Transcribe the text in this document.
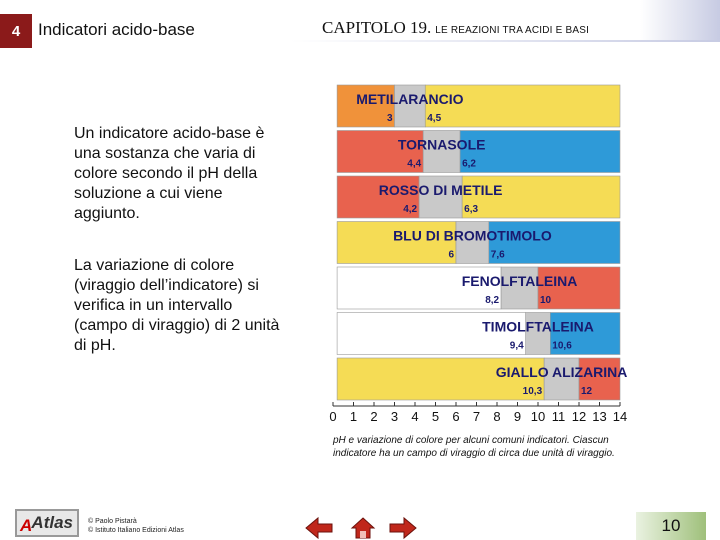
4	Indicatori acido-base	CAPITOLO 19. LE REAZIONI TRA ACIDI E BASI
Un indicatore acido-base è una sostanza che varia di colore secondo il pH della soluzione a cui viene aggiunto.
La variazione di colore (viraggio dell’indicatore) si verifica in un intervallo (campo di viraggio) di 2 unità di pH.
METILARANCIO
3	4,5
TORNASOLE
4,4	6,2
ROSSO DI METILE
4,2	6,3
BLU DI BROMOTIMOLO
6	7,6
FENOLFTALEINA
8,2	10
TIMOLFTALEINA
9,4	10,6
GIALLO ALIZARINA
10,3	12
0 1 2 3 4 5 6 7 8 9 10 11 12 13 14
pH e variazione di colore per alcuni comuni indicatori. Ciascun indicatore ha un campo di viraggio di circa due unità di viraggio.
A Atlas © Paolo Pistarà
© Istituto Italiano Edizioni Atlas	10
